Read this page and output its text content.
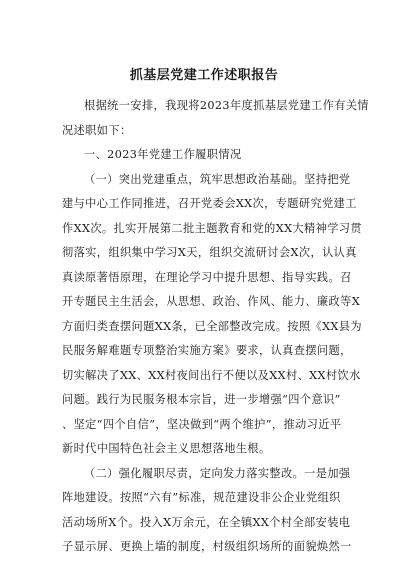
抓基层党建工作述职报告
根据统一安排，我现将2023年度抓基层党建工作有关情
况述职如下：
一、2023年党建工作履职情况
（一）突出党建重点，筑牢思想政治基础。坚持把党
建与中心工作同推进，召开党委会XX次，专题研究党建工
作XX次。扎实开展第二批主题教育和党的XX大精神学习贯
彻落实，组织集中学习X天，组织交流研讨会X次，认认真
真读原著悟原理，在理论学习中提升思想、指导实践。召
开专题民主生活会，从思想、政治、作风、能力、廉政等X
方面归类查摆问题XX条，已全部整改完成。按照《XX县为
民服务解难题专项整治实施方案》要求，认真查摆问题，
切实解决了XX、XX村夜间出行不便以及XX村、XX村饮水
问题。践行为民服务根本宗旨，进一步增强“四个意识”
、坚定“四个自信”，坚决做到“两个维护”，推动习近平
新时代中国特色社会主义思想落地生根。
（二）强化履职尽责，定向发力落实整改。一是加强
阵地建设。按照“六有”标准，规范建设非公企业党组织
活动场所X个。投入X万余元，在全镇XX个村全部安装电
子显示屏、更换上墙的制度，村级组织场所的面貌焕然一
